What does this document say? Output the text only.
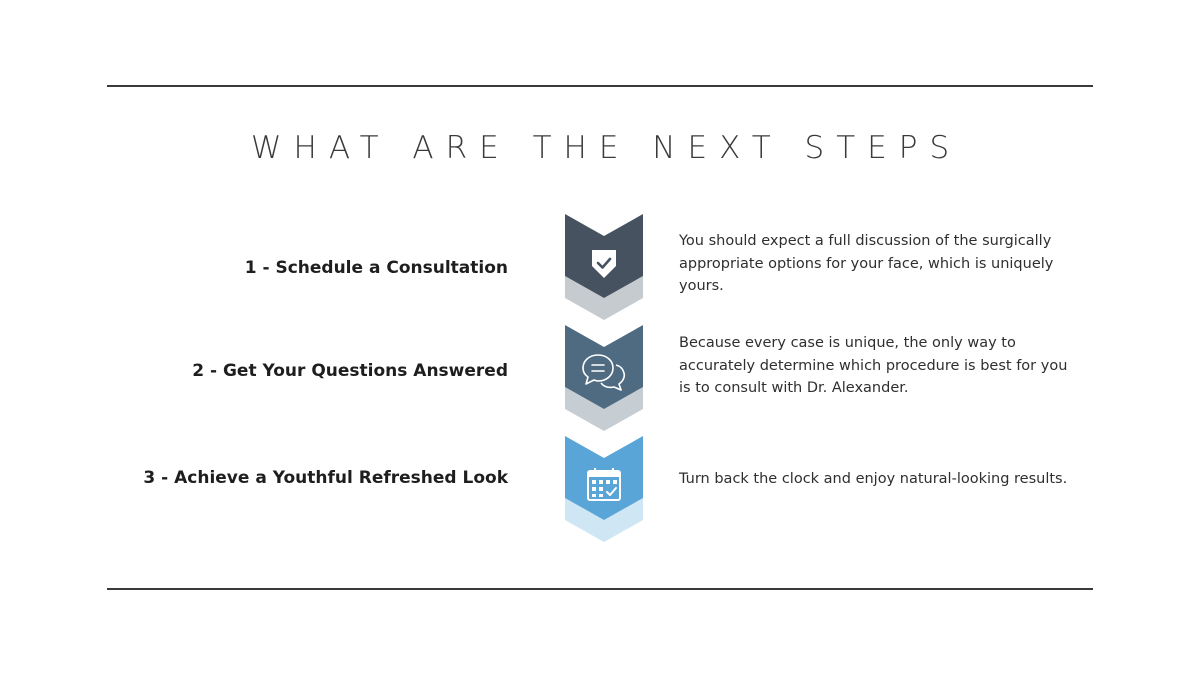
WHAT ARE THE NEXT STEPS
1 - Schedule a Consultation
You should expect a full discussion of the surgically appropriate options for your face, which is uniquely yours.
2 - Get Your Questions Answered
Because every case is unique, the only way to accurately determine which procedure is best for you is to consult with Dr. Alexander.
3 - Achieve a Youthful Refreshed Look	Turn back the clock and enjoy natural-looking results.
